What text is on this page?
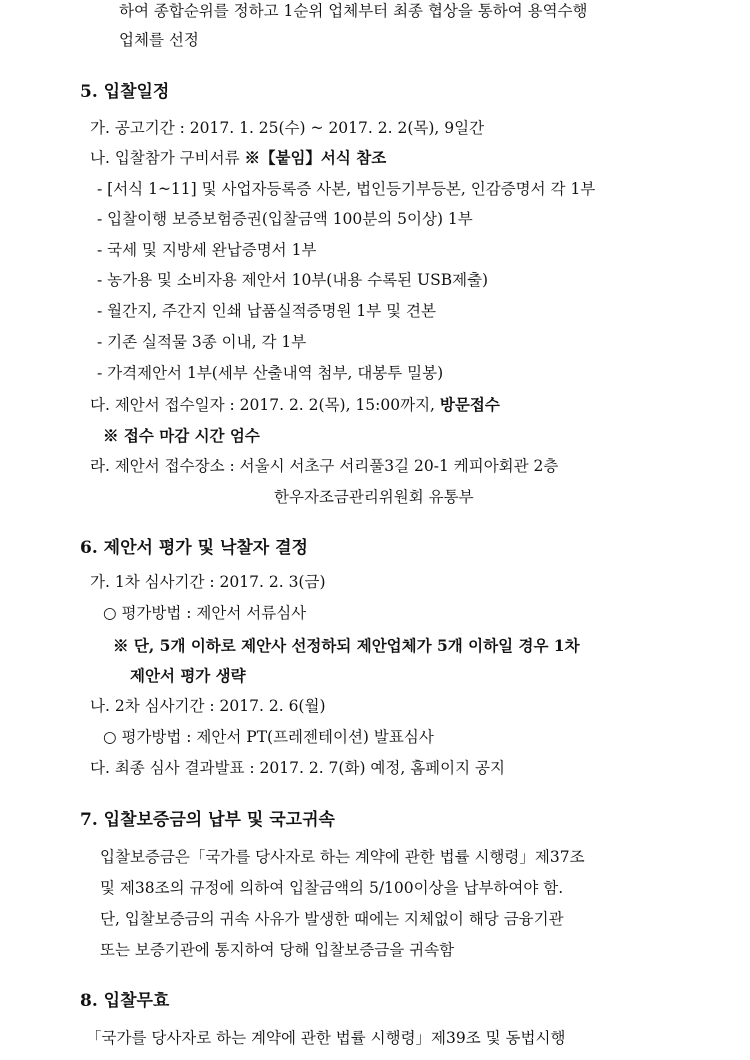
하여 종합순위를 정하고 1순위 업체부터 최종 협상을 통하여 용역수행
업체를 선정
5. 입찰일정
가. 공고기간 : 2017. 1. 25(수) ~ 2017. 2. 2(목), 9일간
나. 입찰참가 구비서류 ※【붙임】서식 참조
- [서식 1~11] 및 사업자등록증 사본, 법인등기부등본, 인감증명서 각 1부
- 입찰이행 보증보험증권(입찰금액 100분의 5이상) 1부
- 국세 및 지방세 완납증명서 1부
- 농가용 및 소비자용 제안서 10부(내용 수록된 USB제출)
- 월간지, 주간지 인쇄 납품실적증명원 1부 및 견본
- 기존 실적물 3종 이내, 각 1부
- 가격제안서 1부(세부 산출내역 첨부, 대봉투 밀봉)
다. 제안서 접수일자 : 2017. 2. 2(목), 15:00까지, 방문접수
※ 접수 마감 시간 엄수
라. 제안서 접수장소 : 서울시 서초구 서리풀3길 20-1 케피아회관 2층
한우자조금관리위원회 유통부
6. 제안서 평가 및 낙찰자 결정
가. 1차 심사기간 : 2017. 2. 3(금)
○ 평가방법 : 제안서 서류심사
※ 단, 5개 이하로 제안사 선정하되 제안업체가 5개 이하일 경우 1차
제안서 평가 생략
나. 2차 심사기간 : 2017. 2. 6(월)
○ 평가방법 : 제안서 PT(프레젠테이션) 발표심사
다. 최종 심사 결과발표 : 2017. 2. 7(화) 예정, 홈페이지 공지
7. 입찰보증금의 납부 및 국고귀속
입찰보증금은「국가를 당사자로 하는 계약에 관한 법률 시행령」제37조
및 제38조의 규정에 의하여 입찰금액의 5/100이상을 납부하여야 함.
단, 입찰보증금의 귀속 사유가 발생한 때에는 지체없이 해당 금융기관
또는 보증기관에 통지하여 당해 입찰보증금을 귀속함
8. 입찰무효
「국가를 당사자로 하는 계약에 관한 법률 시행령」제39조 및 동법시행
